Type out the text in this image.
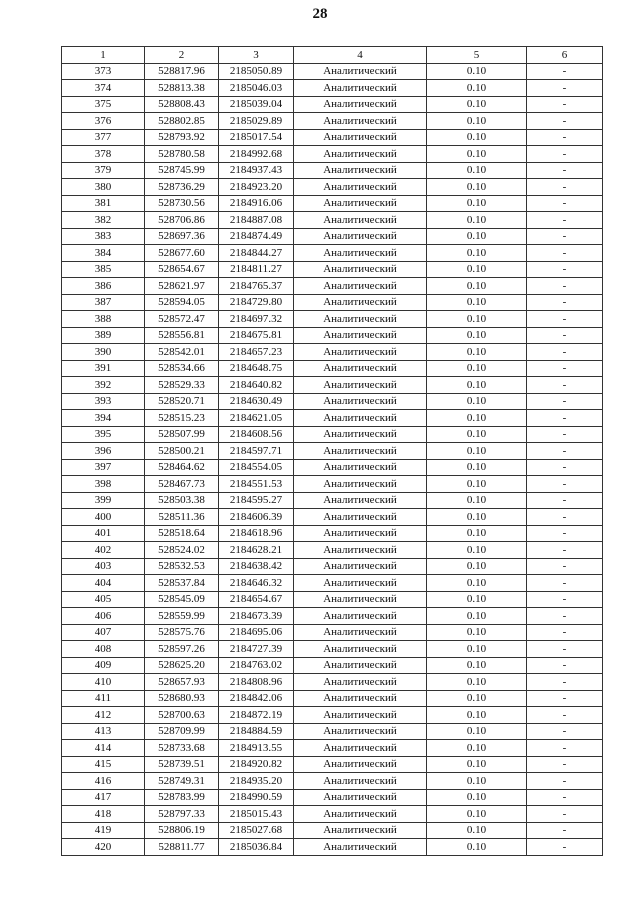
28
1	2	3	4	5	6
373	528817.96	2185050.89	Аналитический	0.10	-
374	528813.38	2185046.03	Аналитический	0.10	-
375	528808.43	2185039.04	Аналитический	0.10	-
376	528802.85	2185029.89	Аналитический	0.10	-
377	528793.92	2185017.54	Аналитический	0.10	-
378	528780.58	2184992.68	Аналитический	0.10	-
379	528745.99	2184937.43	Аналитический	0.10	-
380	528736.29	2184923.20	Аналитический	0.10	-
381	528730.56	2184916.06	Аналитический	0.10	-
382	528706.86	2184887.08	Аналитический	0.10	-
383	528697.36	2184874.49	Аналитический	0.10	-
384	528677.60	2184844.27	Аналитический	0.10	-
385	528654.67	2184811.27	Аналитический	0.10	-
386	528621.97	2184765.37	Аналитический	0.10	-
387	528594.05	2184729.80	Аналитический	0.10	-
388	528572.47	2184697.32	Аналитический	0.10	-
389	528556.81	2184675.81	Аналитический	0.10	-
390	528542.01	2184657.23	Аналитический	0.10	-
391	528534.66	2184648.75	Аналитический	0.10	-
392	528529.33	2184640.82	Аналитический	0.10	-
393	528520.71	2184630.49	Аналитический	0.10	-
394	528515.23	2184621.05	Аналитический	0.10	-
395	528507.99	2184608.56	Аналитический	0.10	-
396	528500.21	2184597.71	Аналитический	0.10	-
397	528464.62	2184554.05	Аналитический	0.10	-
398	528467.73	2184551.53	Аналитический	0.10	-
399	528503.38	2184595.27	Аналитический	0.10	-
400	528511.36	2184606.39	Аналитический	0.10	-
401	528518.64	2184618.96	Аналитический	0.10	-
402	528524.02	2184628.21	Аналитический	0.10	-
403	528532.53	2184638.42	Аналитический	0.10	-
404	528537.84	2184646.32	Аналитический	0.10	-
405	528545.09	2184654.67	Аналитический	0.10	-
406	528559.99	2184673.39	Аналитический	0.10	-
407	528575.76	2184695.06	Аналитический	0.10	-
408	528597.26	2184727.39	Аналитический	0.10	-
409	528625.20	2184763.02	Аналитический	0.10	-
410	528657.93	2184808.96	Аналитический	0.10	-
411	528680.93	2184842.06	Аналитический	0.10	-
412	528700.63	2184872.19	Аналитический	0.10	-
413	528709.99	2184884.59	Аналитический	0.10	-
414	528733.68	2184913.55	Аналитический	0.10	-
415	528739.51	2184920.82	Аналитический	0.10	-
416	528749.31	2184935.20	Аналитический	0.10	-
417	528783.99	2184990.59	Аналитический	0.10	-
418	528797.33	2185015.43	Аналитический	0.10	-
419	528806.19	2185027.68	Аналитический	0.10	-
420	528811.77	2185036.84	Аналитический	0.10	-
